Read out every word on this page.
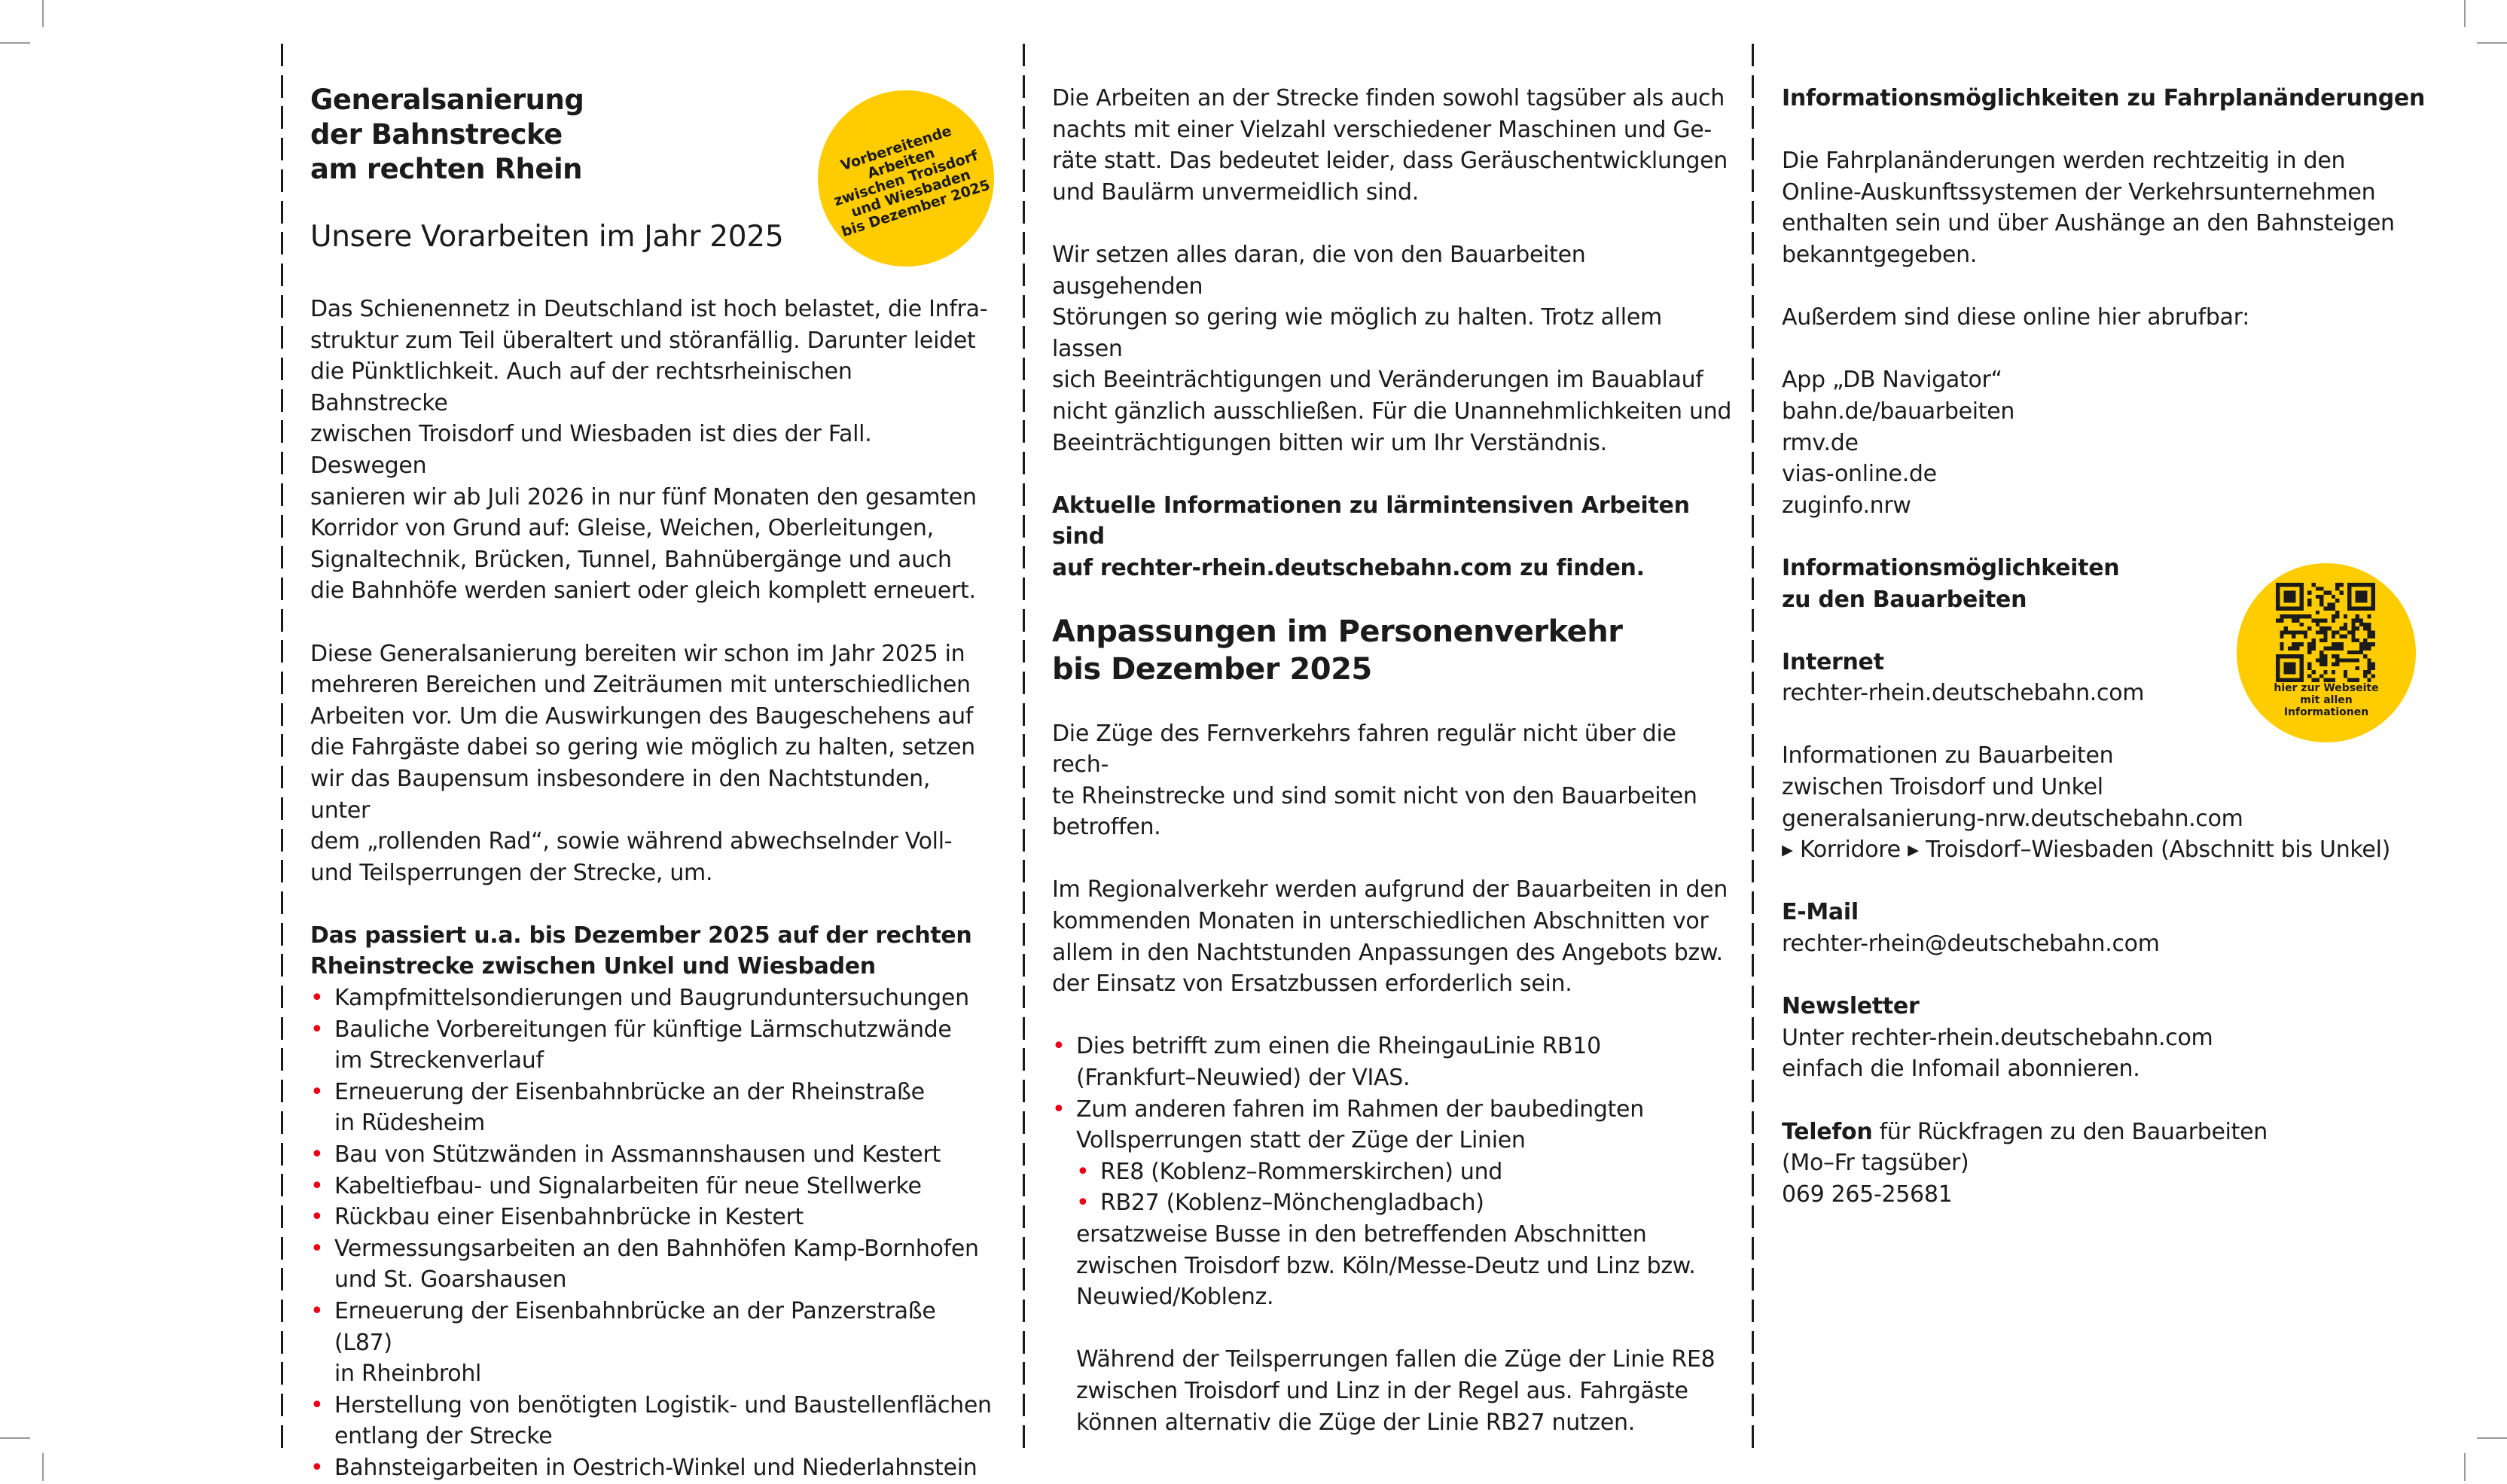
Generalsanierung
der Bahnstrecke
am rechten Rhein

Unsere Vorarbeiten im Jahr 2025

Das Schienennetz in Deutschland ist hoch belastet, die Infra-
struktur zum Teil überaltert und störanfällig. Darunter leidet
die Pünktlichkeit. Auch auf der rechtsrheinischen Bahnstrecke
zwischen Troisdorf und Wiesbaden ist dies der Fall. Deswegen
sanieren wir ab Juli 2026 in nur fünf Monaten den gesamten
Korridor von Grund auf: Gleise, Weichen, Oberleitungen,
Signaltechnik, Brücken, Tunnel, Bahnübergänge und auch
die Bahnhöfe werden saniert oder gleich komplett erneuert.

Diese Generalsanierung bereiten wir schon im Jahr 2025 in
mehreren Bereichen und Zeiträumen mit unterschiedlichen
Arbeiten vor. Um die Auswirkungen des Baugeschehens auf
die Fahrgäste dabei so gering wie möglich zu halten, setzen
wir das Baupensum insbesondere in den Nachtstunden, unter
dem „rollenden Rad“, sowie während abwechselnder Voll-
und Teilsperrungen der Strecke, um.

Das passiert u.a. bis Dezember 2025 auf der rechten
Rheinstrecke zwischen Unkel und Wiesbaden

• Kampfmittelsondierungen und Baugrunduntersuchungen
• Bauliche Vorbereitungen für künftige Lärmschutzwände
im Streckenverlauf
• Erneuerung der Eisenbahnbrücke an der Rheinstraße
in Rüdesheim
• Bau von Stützwänden in Assmannshausen und Kestert
• Kabeltiefbau- und Signalarbeiten für neue Stellwerke
• Rückbau einer Eisenbahnbrücke in Kestert
• Vermessungsarbeiten an den Bahnhöfen Kamp-Bornhofen
und St. Goarshausen
• Erneuerung der Eisenbahnbrücke an der Panzerstraße (L87)
in Rheinbrohl
• Herstellung von benötigten Logistik- und Baustellenflächen
entlang der Strecke
• Bahnsteigarbeiten in Oestrich-Winkel und Niederlahnstein
Vorbereitende
Arbeiten
zwischen Troisdorf
und Wiesbaden
bis Dezember 2025

Die Arbeiten an der Strecke finden sowohl tagsüber als auch
nachts mit einer Vielzahl verschiedener Maschinen und Ge-
räte statt. Das bedeutet leider, dass Geräuschentwicklungen
und Baulärm unvermeidlich sind.

Wir setzen alles daran, die von den Bauarbeiten ausgehenden
Störungen so gering wie möglich zu halten. Trotz allem lassen
sich Beeinträchtigungen und Veränderungen im Bauablauf
nicht gänzlich ausschließen. Für die Unannehmlichkeiten und
Beeinträchtigungen bitten wir um Ihr Verständnis.

Aktuelle Informationen zu lärmintensiven Arbeiten sind
auf rechter-rhein.deutschebahn.com zu finden.

Anpassungen im Personenverkehr
bis Dezember 2025

Die Züge des Fernverkehrs fahren regulär nicht über die rech-
te Rheinstrecke und sind somit nicht von den Bauarbeiten
betroffen.

Im Regionalverkehr werden aufgrund der Bauarbeiten in den
kommenden Monaten in unterschiedlichen Abschnitten vor
allem in den Nachtstunden Anpassungen des Angebots bzw.
der Einsatz von Ersatzbussen erforderlich sein.

• Dies betrifft zum einen die RheingauLinie RB10
(Frankfurt–Neuwied) der VIAS.
• Zum anderen fahren im Rahmen der baubedingten
Vollsperrungen statt der Züge der Linien
• RE8 (Koblenz–Rommerskirchen) und
• RB27 (Koblenz–Mönchengladbach)

ersatzweise Busse in den betreffenden Abschnitten
zwischen Troisdorf bzw. Köln/Messe-Deutz und Linz bzw.
Neuwied/Koblenz.

Während der Teilsperrungen fallen die Züge der Linie RE8
zwischen Troisdorf und Linz in der Regel aus. Fahrgäste
können alternativ die Züge der Linie RB27 nutzen.

Informationsmöglichkeiten zu Fahrplanänderungen

Die Fahrplanänderungen werden rechtzeitig in den
Online-Auskunftssystemen der Verkehrsunternehmen
enthalten sein und über Aushänge an den Bahnsteigen
bekanntgegeben.

Außerdem sind diese online hier abrufbar:

App „DB Navigator“
bahn.de/bauarbeiten
rmv.de
vias-online.de
zuginfo.nrw

Informationsmöglichkeiten
zu den Bauarbeiten

Internet

rechter-rhein.deutschebahn.com

Informationen zu Bauarbeiten
zwischen Troisdorf und Unkel
generalsanierung-nrw.deutschebahn.com
▸ Korridore ▸ Troisdorf–Wiesbaden (Abschnitt bis Unkel)

E-Mail

rechter-rhein@deutschebahn.com

Newsletter

Unter rechter-rhein.deutschebahn.com
einfach die Infomail abonnieren.

Telefon für Rückfragen zu den Bauarbeiten

(Mo–Fr tagsüber)
069 265-25681

hier zur Webseite
mit allen
Informationen
